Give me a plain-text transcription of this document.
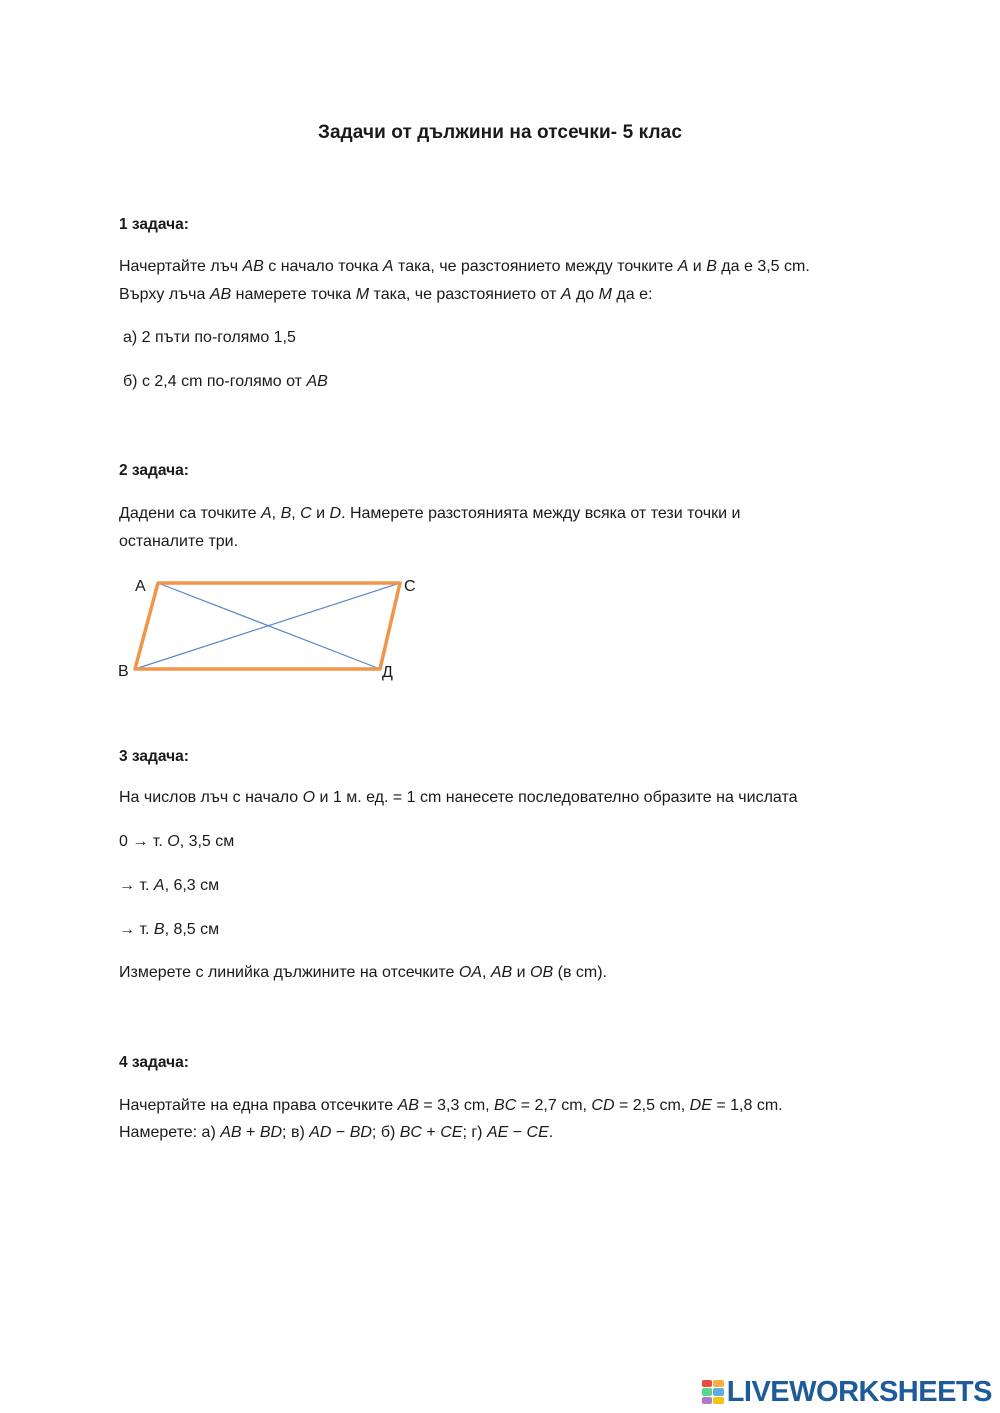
Задачи от дължини на отсечки- 5 клас
1 задача:
Начертайте лъч AB с начало точка A така, че разстоянието между точките A и B да е 3,5 cm.
Върху лъча AB намерете точка M така, че разстоянието от A до M да е:
а) 2 пъти по-голямо 1,5
б) с 2,4 cm по-голямо от AB
2 задача:
Дадени са точките A, B, C и D. Намерете разстоянията между всяка от тези точки и
останалите три.
А	С
В	Д
3 задача:
На числов лъч с начало O и 1 м. ед. = 1 cm нанесете последователно образите на числата
0 → т. O, 3,5 см
→ т. A, 6,3 см
→ т. B, 8,5 см
Измерете с линийка дължините на отсечките OA, AB и OB (в cm).
4 задача:
Начертайте на една права отсечките AB = 3,3 cm, BC = 2,7 cm, CD = 2,5 cm, DE = 1,8 cm.
Намерете: а) AB + BD; в) AD − BD; б) BC + CE; г) AE − CE.
LIVEWORKSHEETS
